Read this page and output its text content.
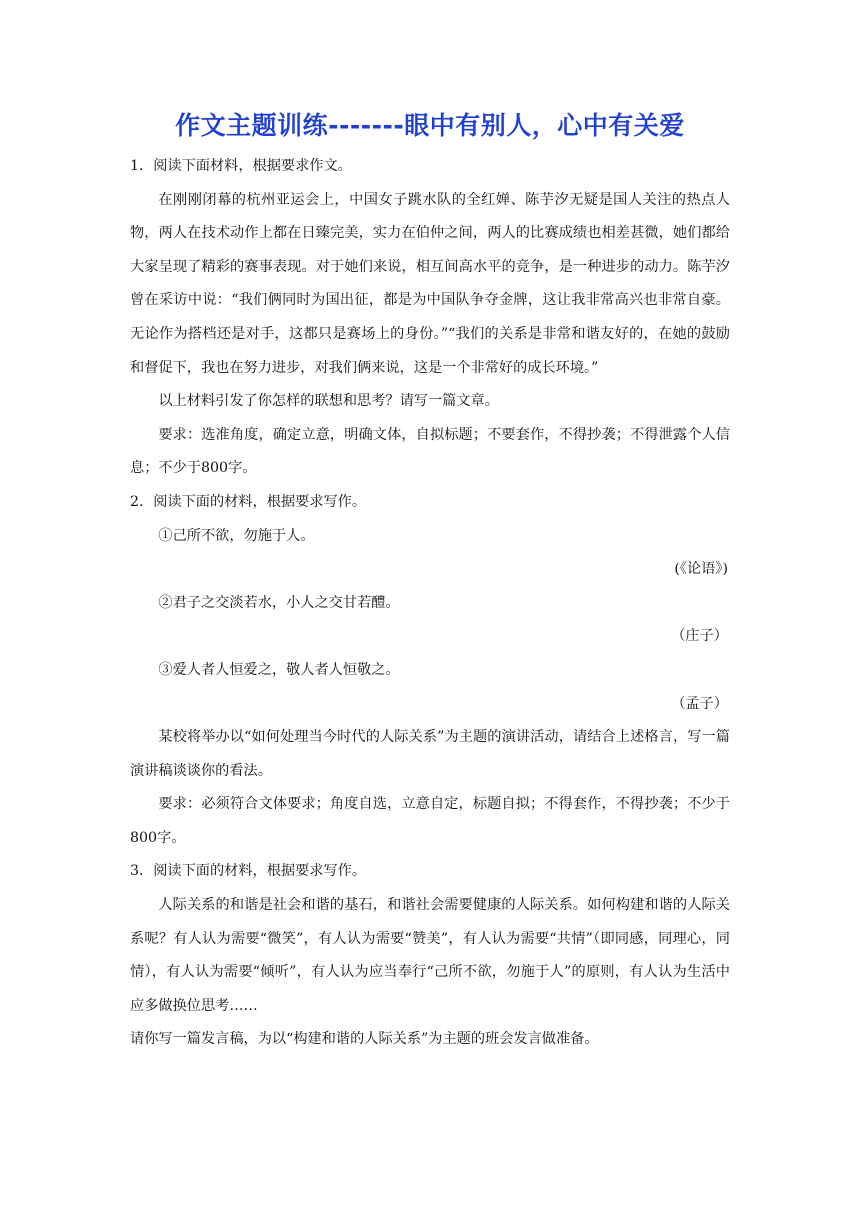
作文主题训练-------眼中有别人，心中有关爱

1．阅读下面材料，根据要求作文。

在刚刚闭幕的杭州亚运会上，中国女子跳水队的全红婵、陈芋汐无疑是国人关注的热点人物，两人在技术动作上都在日臻完美，实力在伯仲之间，两人的比赛成绩也相差甚微，她们都给大家呈现了精彩的赛事表现。对于她们来说，相互间高水平的竞争，是一种进步的动力。陈芋汐曾在采访中说：“我们俩同时为国出征，都是为中国队争夺金牌，这让我非常高兴也非常自豪。无论作为搭档还是对手，这都只是赛场上的身份。”“我们的关系是非常和谐友好的，在她的鼓励和督促下，我也在努力进步，对我们俩来说，这是一个非常好的成长环境。”

以上材料引发了你怎样的联想和思考？请写一篇文章。

要求：选准角度，确定立意，明确文体，自拟标题；不要套作，不得抄袭；不得泄露个人信息；不少于800字。

2．阅读下面的材料，根据要求写作。

①己所不欲，勿施于人。

(《论语》)

②君子之交淡若水，小人之交甘若醴。

（庄子）

③爱人者人恒爱之，敬人者人恒敬之。

（孟子）

某校将举办以“如何处理当今时代的人际关系”为主题的演讲活动，请结合上述格言，写一篇演讲稿谈谈你的看法。

要求：必须符合文体要求；角度自选，立意自定，标题自拟；不得套作，不得抄袭；不少于800字。

3．阅读下面的材料，根据要求写作。

人际关系的和谐是社会和谐的基石，和谐社会需要健康的人际关系。如何构建和谐的人际关系呢？有人认为需要“微笑”，有人认为需要“赞美”，有人认为需要“共情”（即同感，同理心，同情），有人认为需要“倾听”，有人认为应当奉行“己所不欲，勿施于人”的原则，有人认为生活中应多做换位思考……

请你写一篇发言稿，为以“构建和谐的人际关系”为主题的班会发言做准备。
